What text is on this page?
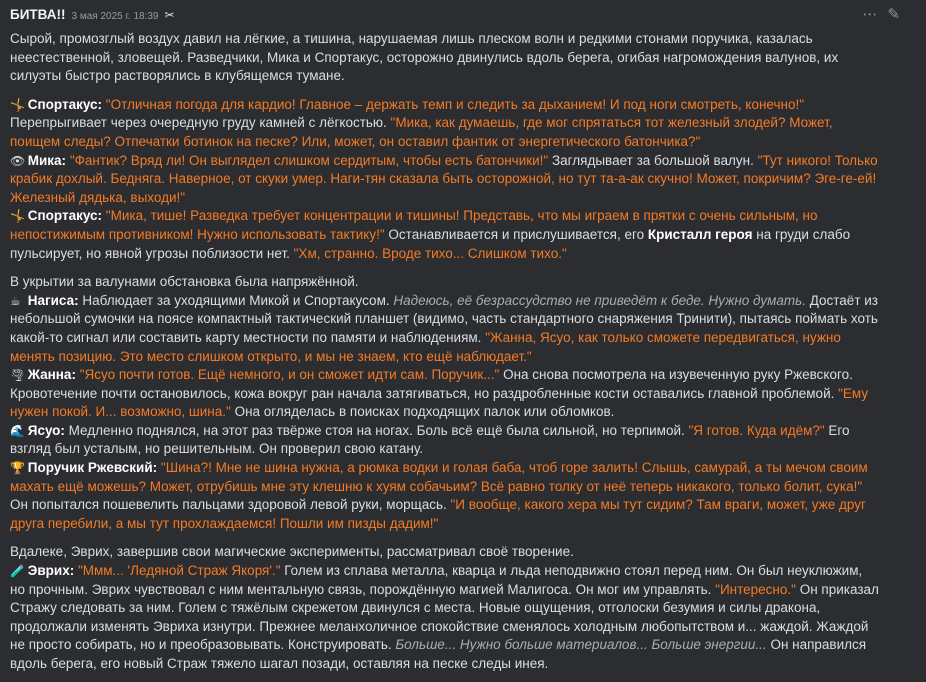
БИТВА!! 3 мая 2025 г. 18:39 ✂	⋯ ✎

Сырой, промозглый воздух давил на лёгкие, а тишина, нарушаемая лишь плеском волн и редкими стонами поручика, казалась неестественной, зловещей. Разведчики, Мика и Спортакус, осторожно двинулись вдоль берега, огибая нагромождения валунов, их силуэты быстро растворялись в клубящемся тумане.

🤸 Спортакус: "Отличная погода для кардио! Главное – держать темп и следить за дыханием! И под ноги смотреть, конечно!" Перепрыгивает через очередную груду камней с лёгкостью. "Мика, как думаешь, где мог спрятаться тот железный злодей? Может, поищем следы? Отпечатки ботинок на песке? Или, может, он оставил фантик от энергетического батончика?"

👁 Мика: "Фантик? Вряд ли! Он выглядел слишком сердитым, чтобы есть батончики!" Заглядывает за большой валун. "Тут никого! Только крабик дохлый. Бедняга. Наверное, от скуки умер. Наги-тян сказала быть осторожной, но тут та-а-ак скучно! Может, покричим? Эге-ге-ей! Железный дядька, выходи!"

🤸 Спортакус: "Мика, тише! Разведка требует концентрации и тишины! Представь, что мы играем в прятки с очень сильным, но непостижимым противником! Нужно использовать тактику!" Останавливается и прислушивается, его Кристалл героя на груди слабо пульсирует, но явной угрозы поблизости нет. "Хм, странно. Вроде тихо... Слишком тихо."

В укрытии за валунами обстановка была напряжённой.

☕ Нагиса: Наблюдает за уходящими Микой и Спортакусом. Надеюсь, её безрассудство не приведёт к беде. Нужно думать. Достаёт из небольшой сумочки на поясе компактный тактический планшет (видимо, часть стандартного снаряжения Тринити), пытаясь поймать хоть какой-то сигнал или составить карту местности по памяти и наблюдениям. "Жанна, Ясуо, как только сможете передвигаться, нужно менять позицию. Это место слишком открыто, и мы не знаем, кто ещё наблюдает."

🌪 Жанна: "Ясуо почти готов. Ещё немного, и он сможет идти сам. Поручик..." Она снова посмотрела на изувеченную руку Ржевского. Кровотечение почти остановилось, кожа вокруг ран начала затягиваться, но раздробленные кости оставались главной проблемой. "Ему нужен покой. И... возможно, шина." Она огляделась в поисках подходящих палок или обломков.

🌊 Ясуо: Медленно поднялся, на этот раз твёрже стоя на ногах. Боль всё ещё была сильной, но терпимой. "Я готов. Куда идём?" Его взгляд был усталым, но решительным. Он проверил свою катану.

🏆 Поручик Ржевский: "Шина?! Мне не шина нужна, а рюмка водки и голая баба, чтоб горе залить! Слышь, самурай, а ты мечом своим махать ещё можешь? Может, отрубишь мне эту клешню к хуям собачьим? Всё равно толку от неё теперь никакого, только болит, сука!" Он попытался пошевелить пальцами здоровой левой руки, морщась. "И вообще, какого хера мы тут сидим? Там враги, может, уже друг друга перебили, а мы тут прохлаждаемся! Пошли им пизды дадим!"

Вдалеке, Эврих, завершив свои магические эксперименты, рассматривал своё творение.

🧪 Эврих: "Ммм... 'Ледяной Страж Якоря'." Голем из сплава металла, кварца и льда неподвижно стоял перед ним. Он был неуклюжим, но прочным. Эврих чувствовал с ним ментальную связь, порождённую магией Малигоса. Он мог им управлять. "Интересно." Он приказал Стражу следовать за ним. Голем с тяжёлым скрежетом двинулся с места. Новые ощущения, отголоски безумия и силы дракона, продолжали изменять Эвриха изнутри. Прежнее меланхоличное спокойствие сменялось холодным любопытством и... жаждой. Жаждой не просто собирать, но и преобразовывать. Конструировать. Больше... Нужно больше материалов... Больше энергии... Он направился вдоль берега, его новый Страж тяжело шагал позади, оставляя на песке следы инея.
